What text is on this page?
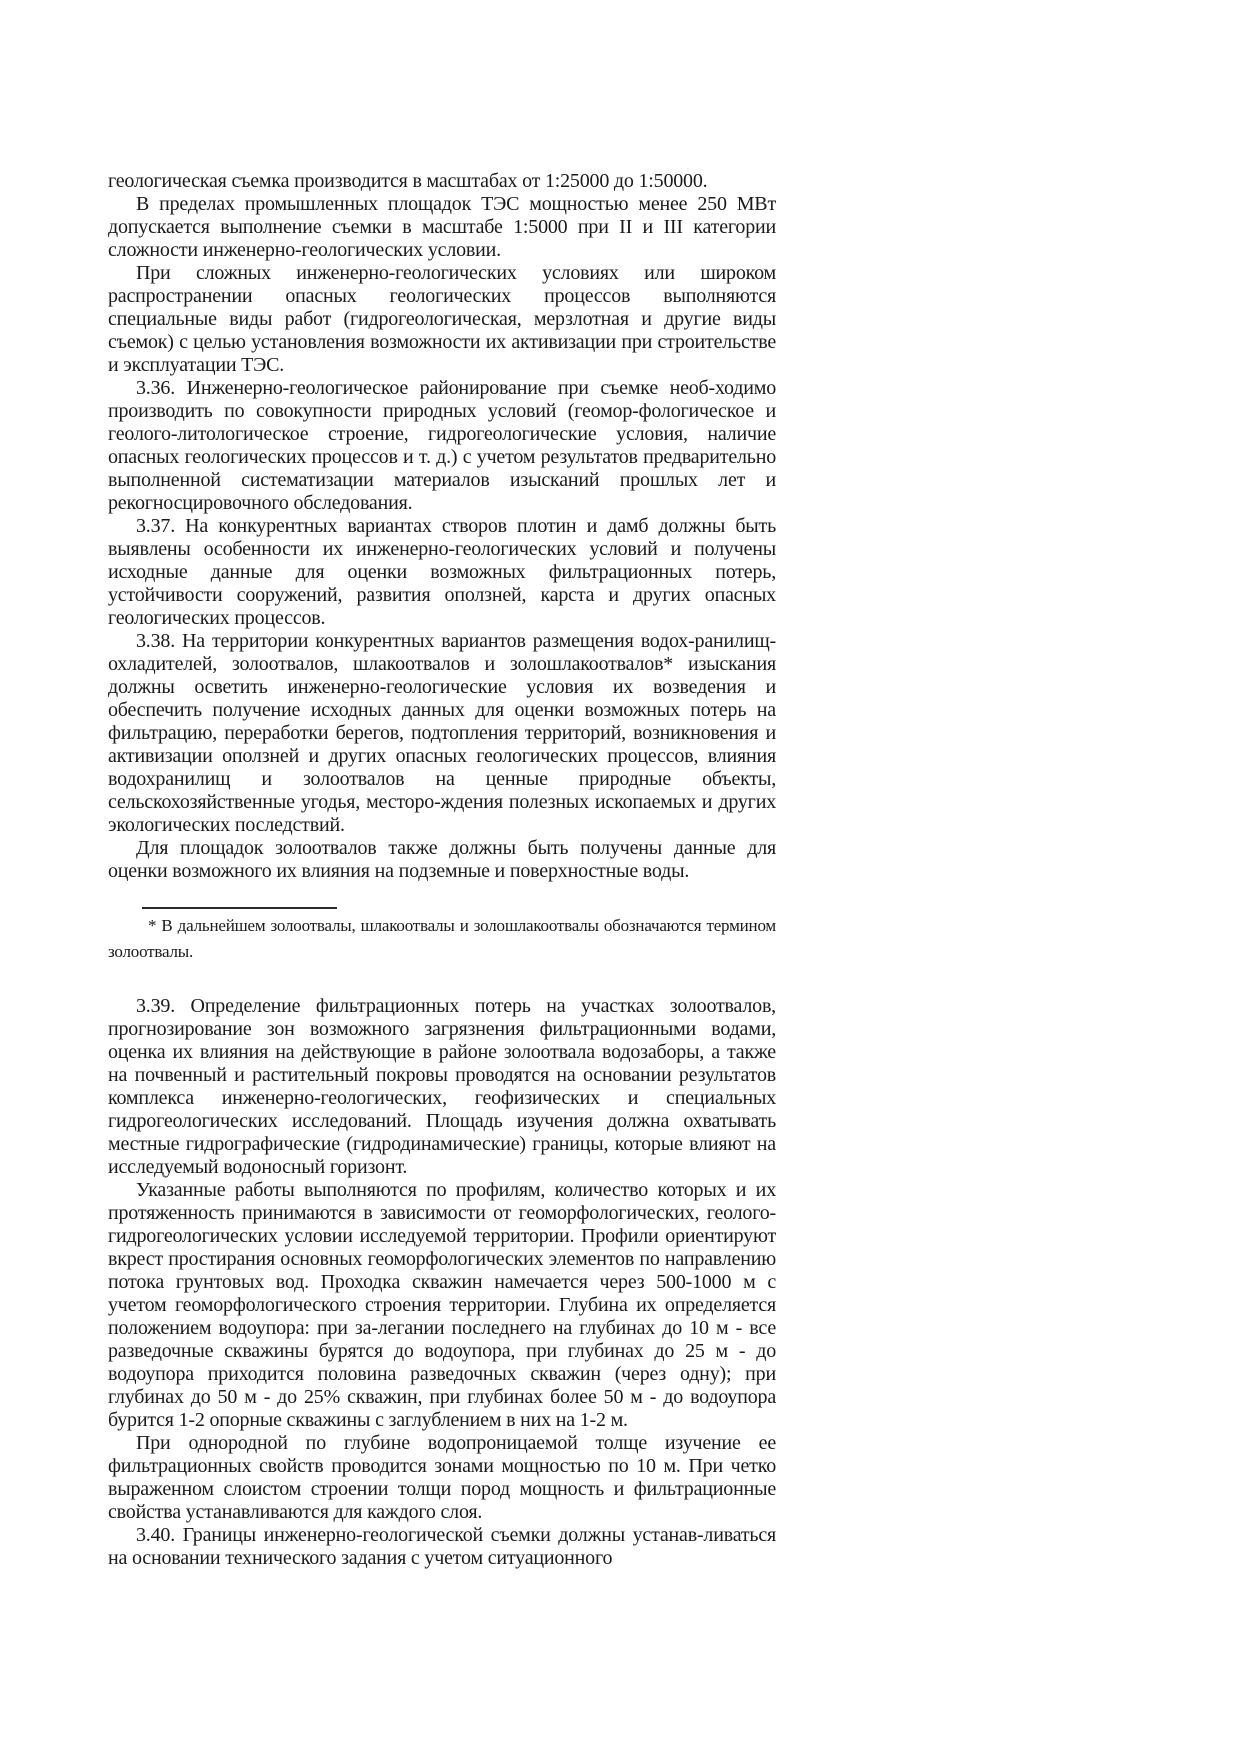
геологическая съемка производится в масштабах от 1:25000 до 1:50000.

В пределах промышленных площадок ТЭС мощностью менее 250 МВт допускается выполнение съемки в масштабе 1:5000 при II и III категории сложности инженерно-геологических условии.

При сложных инженерно-геологических условиях или широком распространении опасных геологических процессов выполняются специальные виды работ (гидрогеологическая, мерзлотная и другие виды съемок) с целью установления возможности их активизации при строительстве и эксплуатации ТЭС.

3.36. Инженерно-геологическое районирование при съемке необ-ходимо производить по совокупности природных условий (геомор-фологическое и геолого-литологическое строение, гидрогеологические условия, наличие опасных геологических процессов и т. д.) с учетом результатов предварительно выполненной систематизации материалов изысканий прошлых лет и рекогносцировочного обследования.

3.37. На конкурентных вариантах створов плотин и дамб должны быть выявлены особенности их инженерно-геологических условий и получены исходные данные для оценки возможных фильтрационных потерь, устойчивости сооружений, развития оползней, карста и других опасных геологических процессов.

3.38. На территории конкурентных вариантов размещения водох-ранилищ-охладителей, золоотвалов, шлакоотвалов и золошлакоотвалов* изыскания должны осветить инженерно-геологические условия их возведения и обеспечить получение исходных данных для оценки возможных потерь на фильтрацию, переработки берегов, подтопления территорий, возникновения и активизации оползней и других опасных геологических процессов, влияния водохранилищ и золоотвалов на ценные природные объекты, сельскохозяйственные угодья, месторо-ждения полезных ископаемых и других экологических последствий.

Для площадок золоотвалов также должны быть получены данные для оценки возможного их влияния на подземные и поверхностные воды.

* В дальнейшем золоотвалы, шлакоотвалы и золошлакоотвалы обозначаются термином золоотвалы.

3.39. Определение фильтрационных потерь на участках золоотвалов, прогнозирование зон возможного загрязнения фильтрационными водами, оценка их влияния на действующие в районе золоотвала водозаборы, а также на почвенный и растительный покровы проводятся на основании результатов комплекса инженерно-геологических, геофизических и специальных гидрогеологических исследований. Площадь изучения должна охватывать местные гидрографические (гидродинамические) границы, которые влияют на исследуемый водоносный горизонт.

Указанные работы выполняются по профилям, количество которых и их протяженность принимаются в зависимости от геоморфологических, геолого-гидрогеологических условии исследуемой территории. Профили ориентируют вкрест простирания основных геоморфологических элементов по направлению потока грунтовых вод. Проходка скважин намечается через 500-1000 м с учетом геоморфологического строения территории. Глубина их определяется положением водоупора: при за-легании последнего на глубинах до 10 м - все разведочные скважины бурятся до водоупора, при глубинах до 25 м - до водоупора приходится половина разведочных скважин (через одну); при глубинах до 50 м - до 25% скважин, при глубинах более 50 м - до водоупора бурится 1-2 опорные скважины с заглублением в них на 1-2 м.

При однородной по глубине водопроницаемой толще изучение ее фильтрационных свойств проводится зонами мощностью по 10 м. При четко выраженном слоистом строении толщи пород мощность и фильтрационные свойства устанавливаются для каждого слоя.

3.40. Границы инженерно-геологической съемки должны устанав-ливаться на основании технического задания с учетом ситуационного
